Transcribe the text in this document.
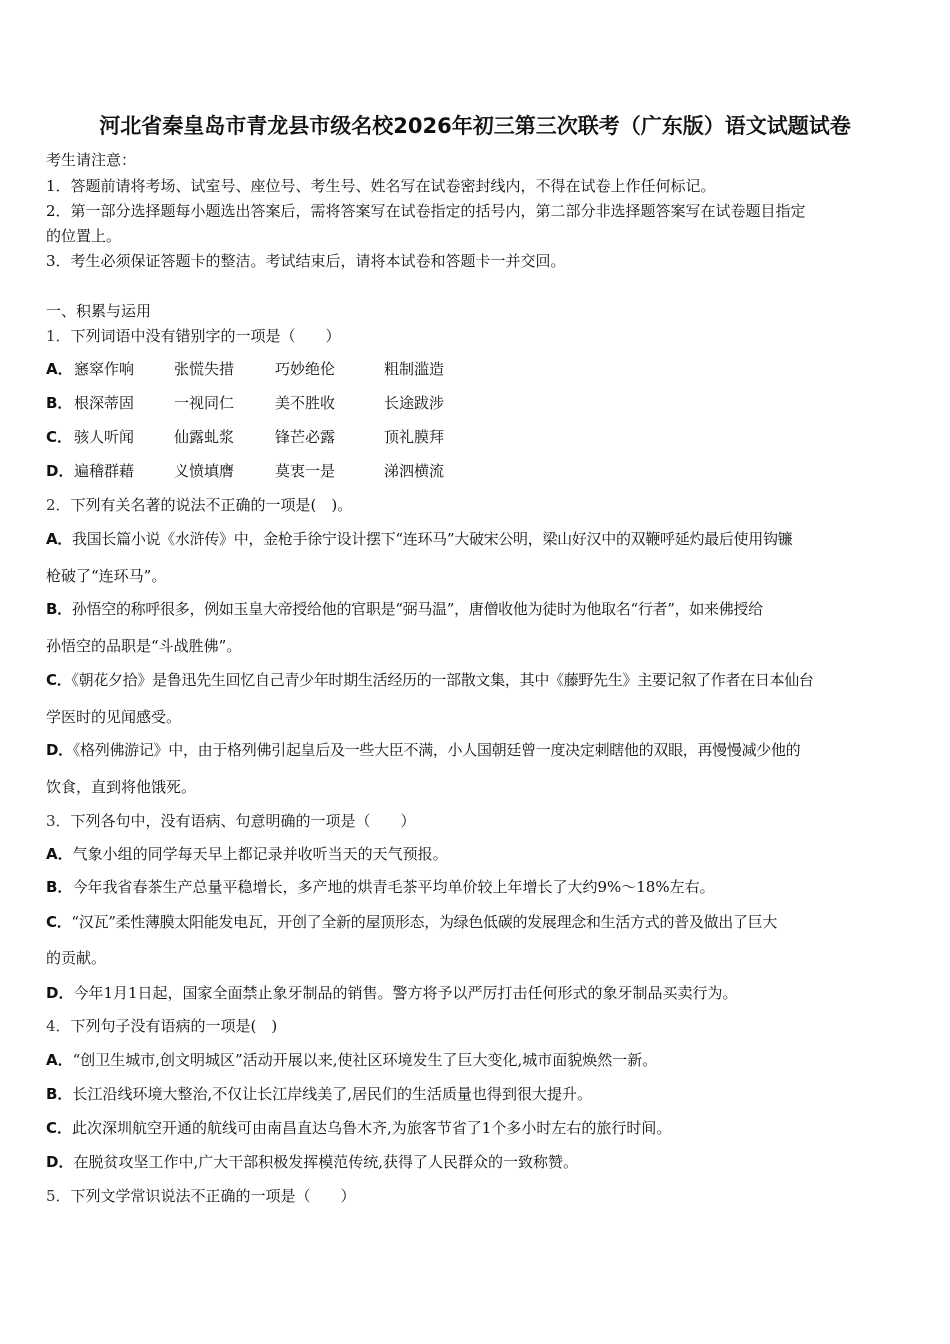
河北省秦皇岛市青龙县市级名校2026年初三第三次联考（广东版）语文试题试卷
考生请注意：
1．答题前请将考场、试室号、座位号、考生号、姓名写在试卷密封线内，不得在试卷上作任何标记。
2．第一部分选择题每小题选出答案后，需将答案写在试卷指定的括号内，第二部分非选择题答案写在试卷题目指定
的位置上。
3．考生必须保证答题卡的整洁。考试结束后，请将本试卷和答题卡一并交回。
一、积累与运用
1．下列词语中没有错别字的一项是（　　）
A． 窸窣作响	张慌失措	巧妙绝伦	粗制滥造
B． 根深蒂固	一视同仁	美不胜收	长途跋涉
C． 骇人听闻	仙露虬浆	锋芒必露	顶礼膜拜
D． 遍稽群藉	义愤填膺	莫衷一是	涕泗横流
2．下列有关名著的说法不正确的一项是(　)。
A．我国长篇小说《水浒传》中，金枪手徐宁设计摆下“连环马”大破宋公明，梁山好汉中的双鞭呼延灼最后使用钩镰
枪破了“连环马”。
B．孙悟空的称呼很多，例如玉皇大帝授给他的官职是“弼马温”，唐僧收他为徒时为他取名“行者”，如来佛授给
孙悟空的品职是“斗战胜佛”。
C．《朝花夕拾》是鲁迅先生回忆自己青少年时期生活经历的一部散文集，其中《藤野先生》主要记叙了作者在日本仙台
学医时的见闻感受。
D．《格列佛游记》中，由于格列佛引起皇后及一些大臣不满，小人国朝廷曾一度决定刺瞎他的双眼，再慢慢减少他的
饮食，直到将他饿死。
3．下列各句中，没有语病、句意明确的一项是（　　）
A．气象小组的同学每天早上都记录并收听当天的天气预报。
B．今年我省春茶生产总量平稳增长，多产地的烘青毛茶平均单价较上年增长了大约9%～18%左右。
C．“汉瓦”柔性薄膜太阳能发电瓦，开创了全新的屋顶形态，为绿色低碳的发展理念和生活方式的普及做出了巨大
的贡献。
D．今年1月1日起，国家全面禁止象牙制品的销售。警方将予以严厉打击任何形式的象牙制品买卖行为。
4．下列句子没有语病的一项是(　)
A．“创卫生城市,创文明城区”活动开展以来,使社区环境发生了巨大变化,城市面貌焕然一新。
B．长江沿线环境大整治,不仅让长江岸线美了,居民们的生活质量也得到很大提升。
C．此次深圳航空开通的航线可由南昌直达乌鲁木齐,为旅客节省了1个多小时左右的旅行时间。
D．在脱贫攻坚工作中,广大干部积极发挥模范传统,获得了人民群众的一致称赞。
5．下列文学常识说法不正确的一项是（　　）
